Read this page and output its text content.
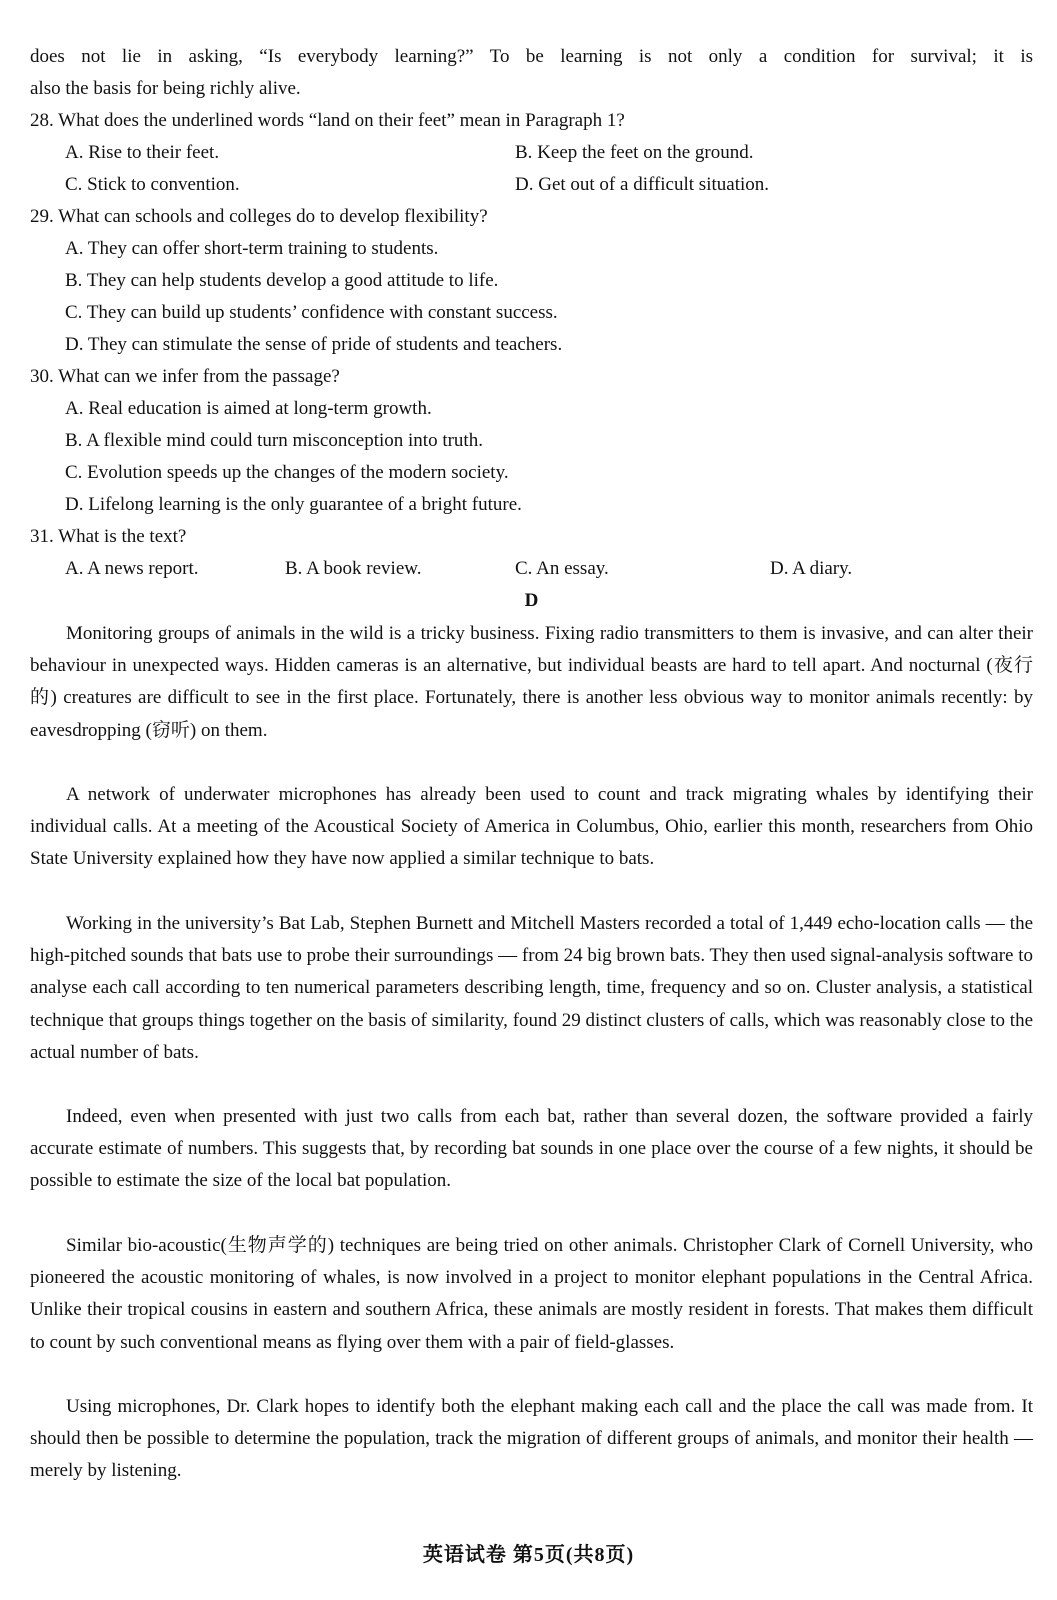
does not lie in asking, “Is everybody learning?” To be learning is not only a condition for survival; it is
also the basis for being richly alive.
28. What does the underlined words “land on their feet” mean in Paragraph 1?
A. Rise to their feet.	B. Keep the feet on the ground.
C. Stick to convention.	D. Get out of a difficult situation.
29. What can schools and colleges do to develop flexibility?
A. They can offer short-term training to students.
B. They can help students develop a good attitude to life.
C. They can build up students’ confidence with constant success.
D. They can stimulate the sense of pride of students and teachers.
30. What can we infer from the passage?
A. Real education is aimed at long-term growth.
B. A flexible mind could turn misconception into truth.
C. Evolution speeds up the changes of the modern society.
D. Lifelong learning is the only guarantee of a bright future.
31. What is the text?
A. A news report.	B. A book review.	C. An essay.	D. A diary.
D
Monitoring groups of animals in the wild is a tricky business. Fixing radio transmitters to them is invasive, and can alter their behaviour in unexpected ways. Hidden cameras is an alternative, but individual beasts are hard to tell apart. And nocturnal (夜行的) creatures are difficult to see in the first place. Fortunately, there is another less obvious way to monitor animals recently: by eavesdropping (窃听) on them.
A network of underwater microphones has already been used to count and track migrating whales by identifying their individual calls. At a meeting of the Acoustical Society of America in Columbus, Ohio, earlier this month, researchers from Ohio State University explained how they have now applied a similar technique to bats.
Working in the university’s Bat Lab, Stephen Burnett and Mitchell Masters recorded a total of 1,449 echo-location calls — the high-pitched sounds that bats use to probe their surroundings — from 24 big brown bats. They then used signal-analysis software to analyse each call according to ten numerical parameters describing length, time, frequency and so on. Cluster analysis, a statistical technique that groups things together on the basis of similarity, found 29 distinct clusters of calls, which was reasonably close to the actual number of bats.
Indeed, even when presented with just two calls from each bat, rather than several dozen, the software provided a fairly accurate estimate of numbers. This suggests that, by recording bat sounds in one place over the course of a few nights, it should be possible to estimate the size of the local bat population.
Similar bio-acoustic(生物声学的) techniques are being tried on other animals. Christopher Clark of Cornell University, who pioneered the acoustic monitoring of whales, is now involved in a project to monitor elephant populations in the Central Africa. Unlike their tropical cousins in eastern and southern Africa, these animals are mostly resident in forests. That makes them difficult to count by such conventional means as flying over them with a pair of field-glasses.
Using microphones, Dr. Clark hopes to identify both the elephant making each call and the place the call was made from. It should then be possible to determine the population, track the migration of different groups of animals, and monitor their health — merely by listening.
英语试卷 第5页(共8页)
